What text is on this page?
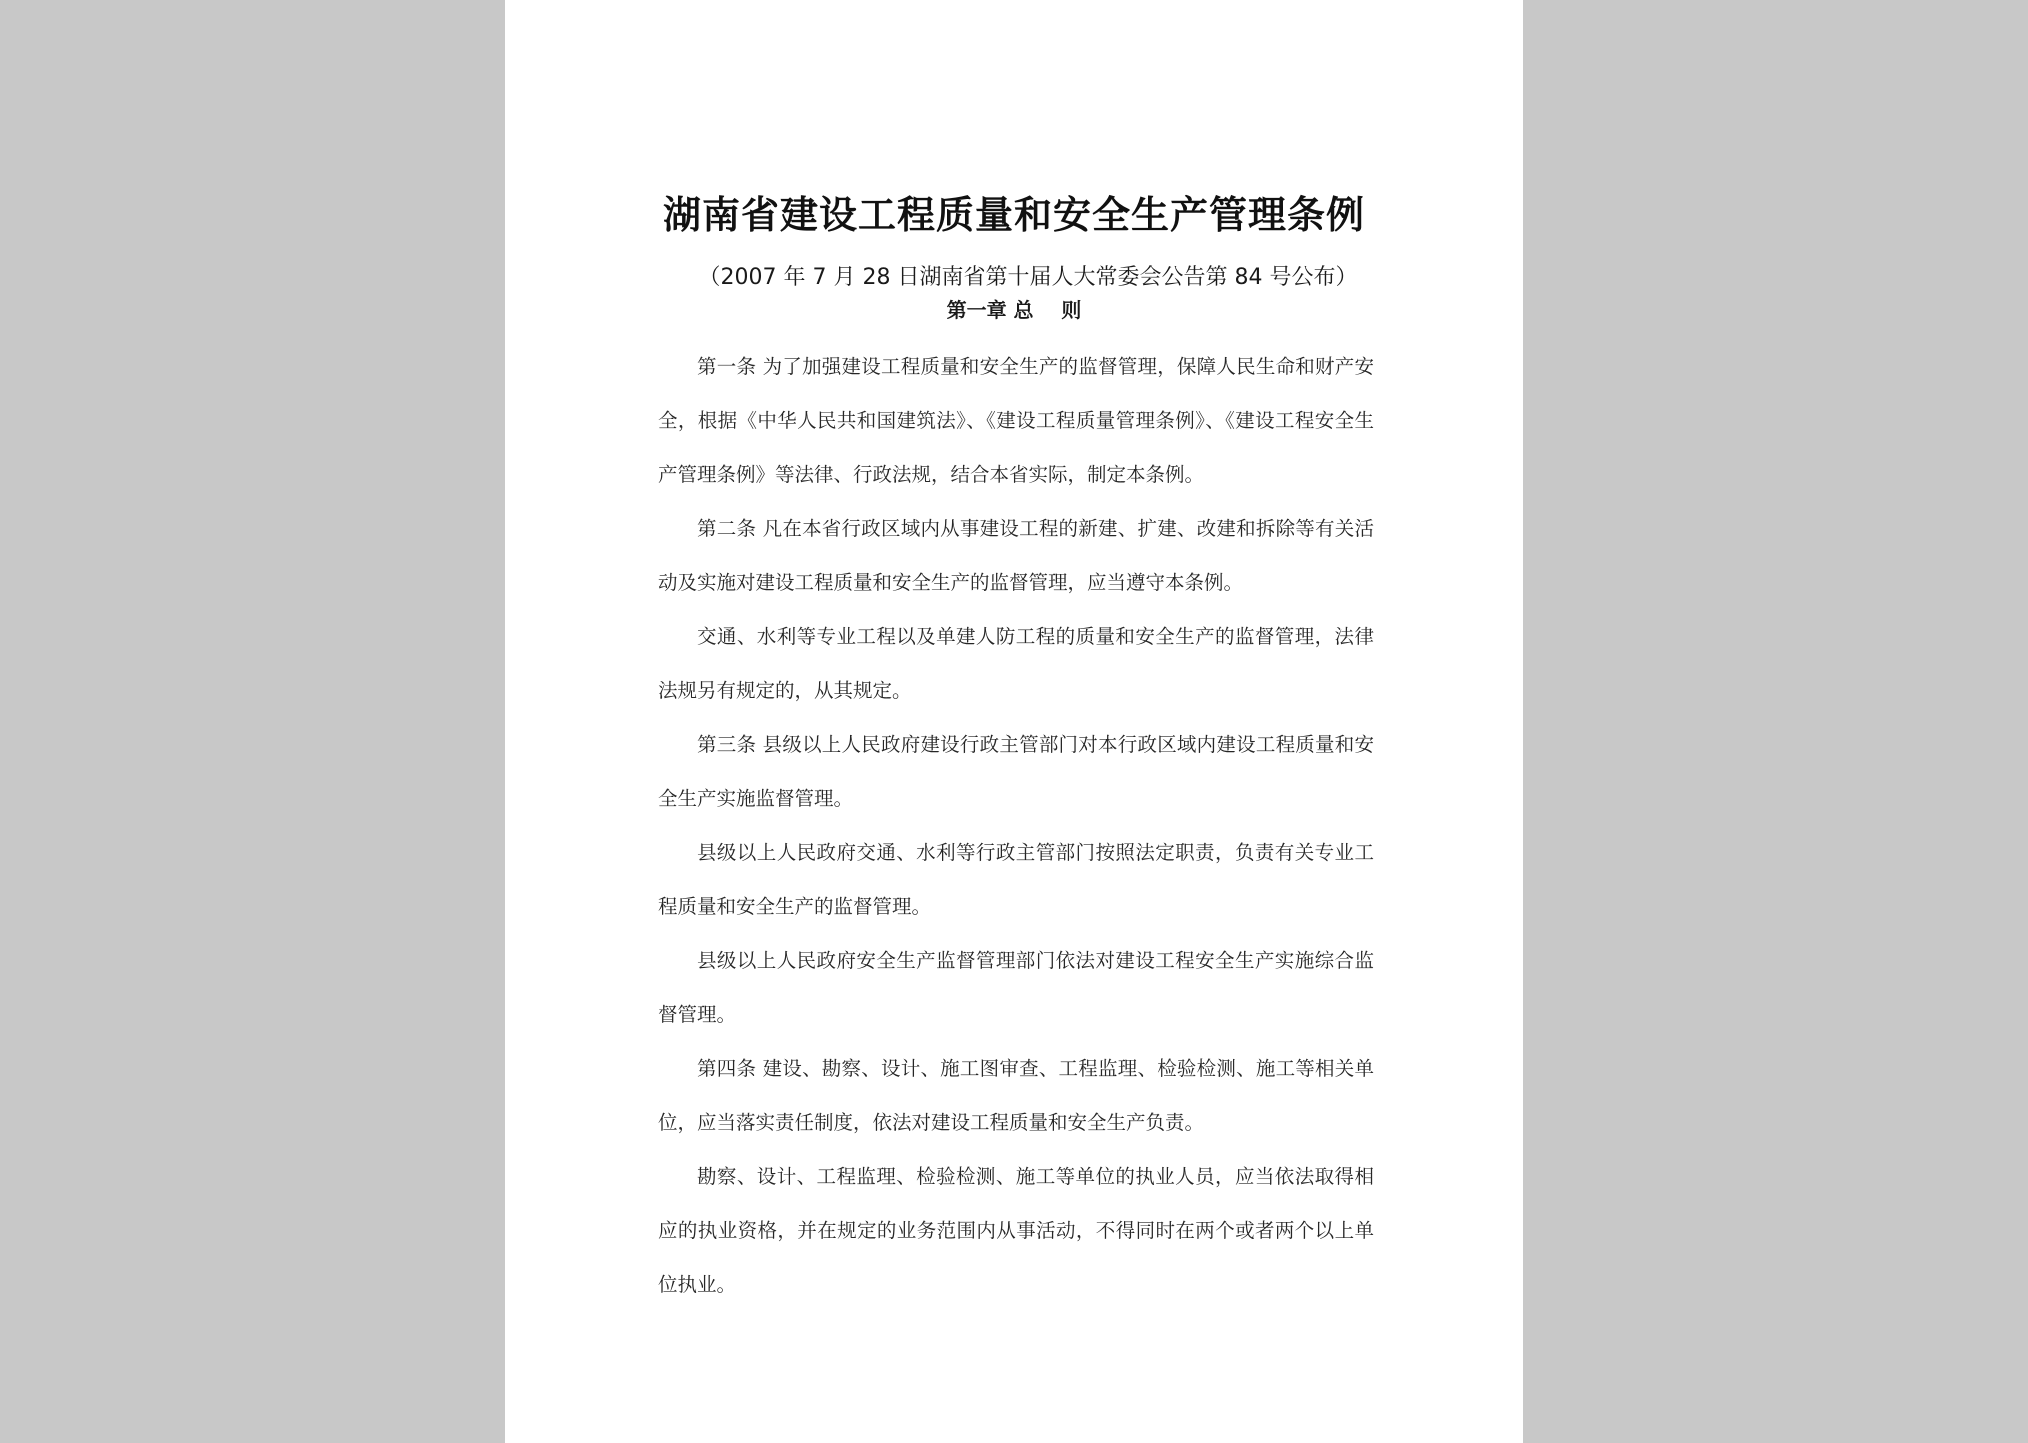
湖南省建设工程质量和安全生产管理条例
（2007 年 7 月 28 日湖南省第十届人大常委会公告第 84 号公布）
第一章 总    则

第一条 为了加强建设工程质量和安全生产的监督管理，保障人民生命和财产安全，根据《中华人民共和国建筑法》、《建设工程质量管理条例》、《建设工程安全生产管理条例》等法律、行政法规，结合本省实际，制定本条例。

第二条 凡在本省行政区域内从事建设工程的新建、扩建、改建和拆除等有关活动及实施对建设工程质量和安全生产的监督管理，应当遵守本条例。

交通、水利等专业工程以及单建人防工程的质量和安全生产的监督管理，法律法规另有规定的，从其规定。

第三条 县级以上人民政府建设行政主管部门对本行政区域内建设工程质量和安全生产实施监督管理。

县级以上人民政府交通、水利等行政主管部门按照法定职责，负责有关专业工程质量和安全生产的监督管理。

县级以上人民政府安全生产监督管理部门依法对建设工程安全生产实施综合监督管理。

第四条 建设、勘察、设计、施工图审查、工程监理、检验检测、施工等相关单位，应当落实责任制度，依法对建设工程质量和安全生产负责。

勘察、设计、工程监理、检验检测、施工等单位的执业人员，应当依法取得相应的执业资格，并在规定的业务范围内从事活动，不得同时在两个或者两个以上单位执业。
